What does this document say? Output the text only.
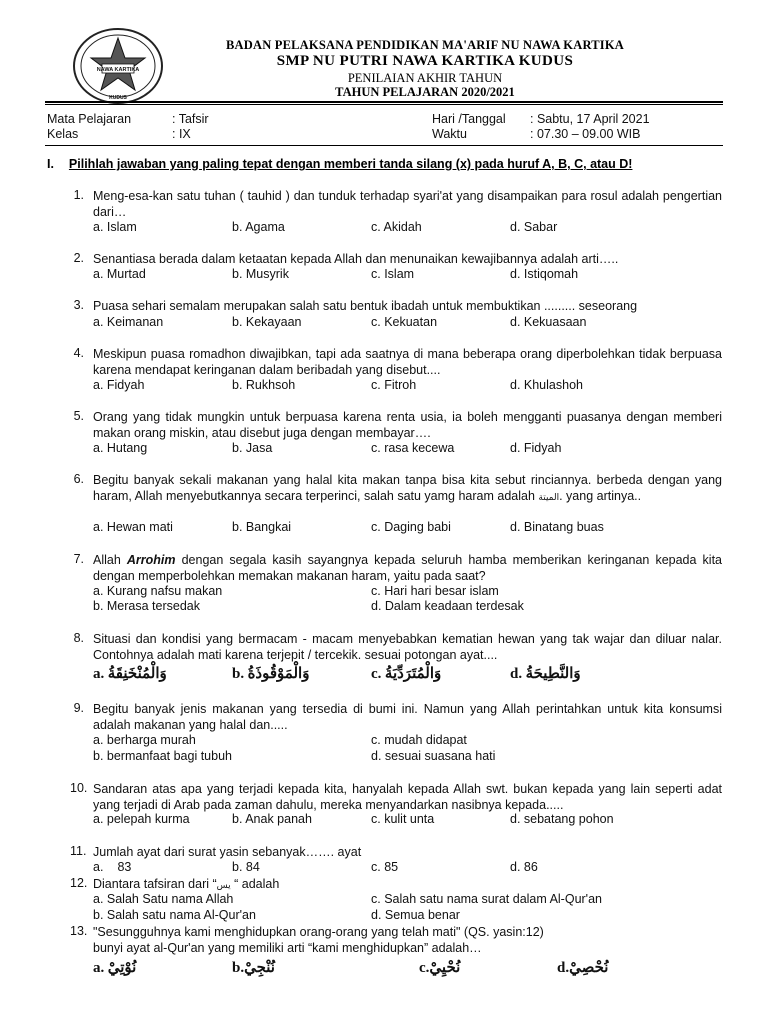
NAWA KARTIKA
KUDUS
BADAN PELAKSANA PENDIDIKAN MA'ARIF NU NAWA KARTIKA
SMP NU PUTRI NAWA KARTIKA KUDUS
PENILAIAN AKHIR TAHUN
TAHUN PELAJARAN 2020/2021
Mata Pelajaran	: Tafsir
Kelas	: IX
Hari /Tanggal : Sabtu, 17 April 2021
Waktu	: 07.30 – 09.00 WIB
I. Pilihlah jawaban yang paling tepat dengan memberi tanda silang (x) pada huruf A, B, C, atau D!
1. Meng-esa-kan satu tuhan ( tauhid ) dan tunduk terhadap syari'at yang disampaikan para rosul adalah pengertian dari…
a. Islam	b. Agama	c. Akidah	d. Sabar
2. Senantiasa berada dalam ketaatan kepada Allah dan menunaikan kewajibannya adalah arti…..
a. Murtad	b. Musyrik	c. Islam	d. Istiqomah
3. Puasa sehari semalam merupakan salah satu bentuk ibadah untuk membuktikan ......... seseorang
a. Keimanan	b. Kekayaan	c. Kekuatan	d. Kekuasaan
4. Meskipun puasa romadhon diwajibkan, tapi ada saatnya di mana beberapa orang diperbolehkan tidak berpuasa karena mendapat keringanan dalam beribadah yang disebut....
a. Fidyah	b. Rukhsoh	c. Fitroh	d. Khulashoh
5. Orang yang tidak mungkin untuk berpuasa karena renta usia, ia boleh mengganti puasanya dengan memberi makan orang miskin, atau disebut juga dengan membayar….
a. Hutang	b. Jasa	c. rasa kecewa	d. Fidyah
6. Begitu banyak sekali makanan yang halal kita makan tanpa bisa kita sebut rinciannya. berbeda dengan yang haram, Allah menyebutkannya secara terperinci, salah satu yamg haram adalah الميتة. yang artinya..
a. Hewan mati	b. Bangkai	c. Daging babi	d. Binatang buas
7. Allah Arrohim dengan segala kasih sayangnya kepada seluruh hamba memberikan keringanan kepada kita dengan memperbolehkan memakan makanan haram, yaitu pada saat?
a. Kurang nafsu makan	c. Hari hari besar islam
b. Merasa tersedak	d. Dalam keadaan terdesak
8. Situasi dan kondisi yang bermacam - macam menyebabkan kematian hewan yang tak wajar dan diluar nalar. Contohnya adalah mati karena terjepit / tercekik. sesuai potongan ayat....
a. وَالْمُنْخَنِقَةُ	b. وَالْمَوْقُوذَةُ	c. وَالْمُتَرَدِّيَةُ	d. وَالنَّطِيحَةُ
9. Begitu banyak jenis makanan yang tersedia di bumi ini. Namun yang Allah perintahkan untuk kita konsumsi adalah makanan yang halal dan.....
a. berharga murah	c. mudah didapat
b. bermanfaat bagi tubuh	d. sesuai suasana hati
10. Sandaran atas apa yang terjadi kepada kita, hanyalah kepada Allah swt. bukan kepada yang lain seperti adat yang terjadi di Arab pada zaman dahulu, mereka menyandarkan nasibnya kepada.....
a. pelepah kurma	b. Anak panah	c. kulit unta	d. sebatang pohon
11. Jumlah ayat dari surat yasin sebanyak……. ayat
a. 83	b. 84	c. 85	d. 86
12. Diantara tafsiran dari “يس “ adalah
a. Salah Satu nama Allah	c. Salah satu nama surat dalam Al-Qur'an
b. Salah satu nama Al-Qur'an	d. Semua benar
13. "Sesungguhnya kami menghidupkan orang-orang yang telah mati" (QS. yasin:12)
bunyi ayat al-Qur'an yang memiliki arti “kami menghidupkan” adalah…
a. نُوْتِيْ	b.نُنْجِيْ	c.نُحْيِيْ	d.نُحْصِيْ
